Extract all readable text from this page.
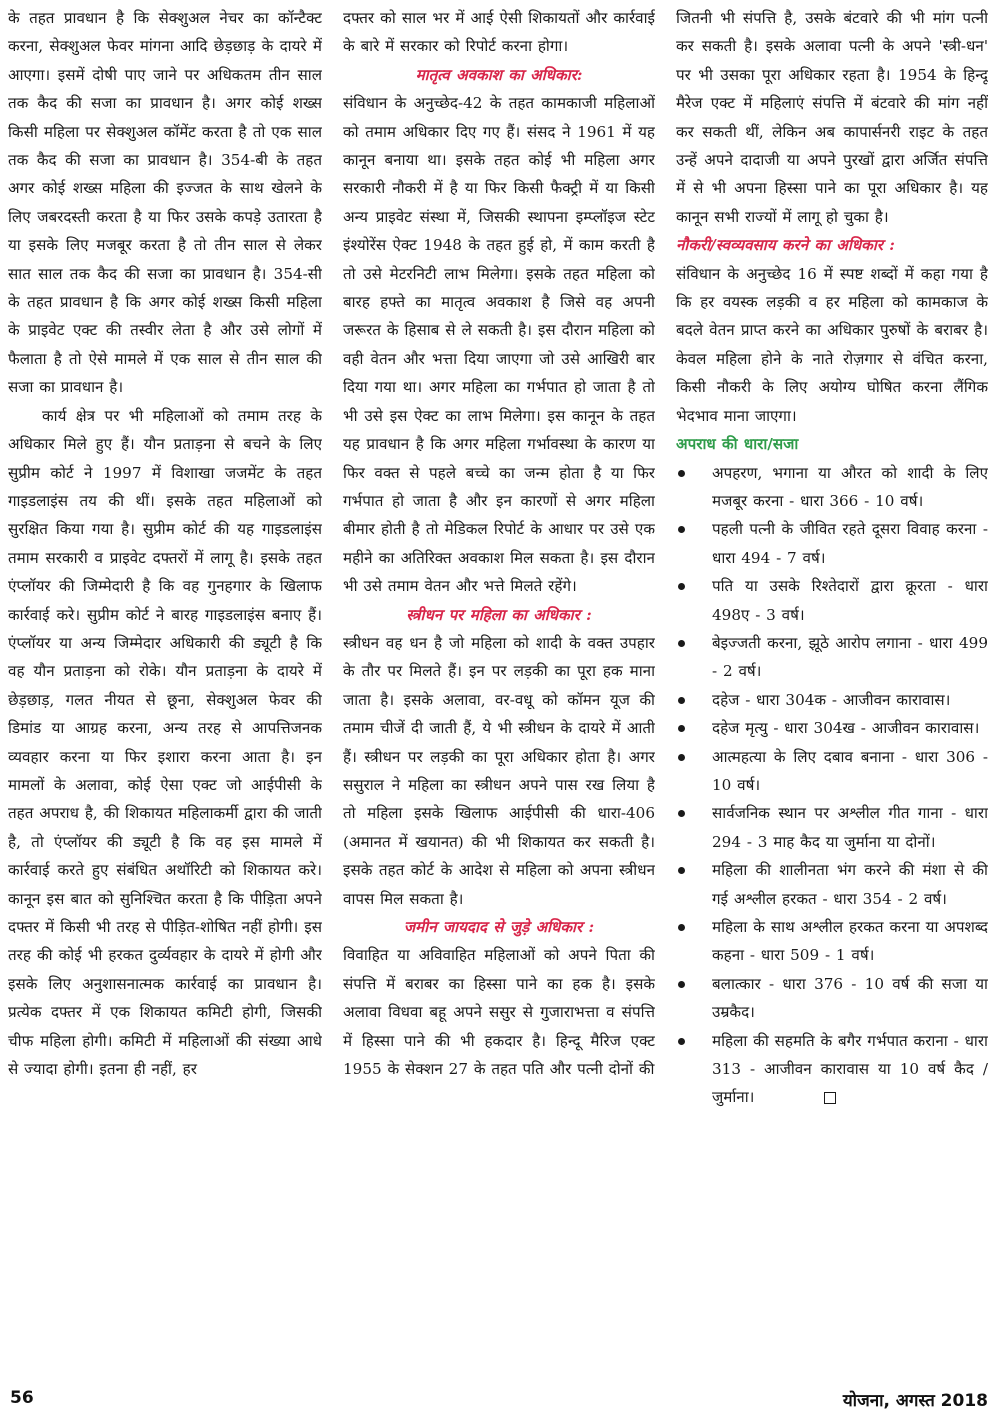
के तहत प्रावधान है कि सेक्शुअल नेचर का कॉन्टैक्ट करना, सेक्शुअल फेवर मांगना आदि छेड़छाड़ के दायरे में आएगा। इसमें दोषी पाए जाने पर अधिकतम तीन साल तक कैद की सजा का प्रावधान है। अगर कोई शख्स किसी महिला पर सेक्शुअल कॉमेंट करता है तो एक साल तक कैद की सजा का प्रावधान है। 354-बी के तहत अगर कोई शख्स महिला की इज्जत के साथ खेलने के लिए जबरदस्ती करता है या फिर उसके कपड़े उतारता है या इसके लिए मजबूर करता है तो तीन साल से लेकर सात साल तक कैद की सजा का प्रावधान है। 354-सी के तहत प्रावधान है कि अगर कोई शख्स किसी महिला के प्राइवेट एक्ट की तस्वीर लेता है और उसे लोगों में फैलाता है तो ऐसे मामले में एक साल से तीन साल की सजा का प्रावधान है।

कार्य क्षेत्र पर भी महिलाओं को तमाम तरह के अधिकार मिले हुए हैं। यौन प्रताड़ना से बचने के लिए सुप्रीम कोर्ट ने 1997 में विशाखा जजमेंट के तहत गाइडलाइंस तय की थीं। इसके तहत महिलाओं को सुरक्षित किया गया है। सुप्रीम कोर्ट की यह गाइडलाइंस तमाम सरकारी व प्राइवेट दफ्तरों में लागू है। इसके तहत एंप्लॉयर की जिम्मेदारी है कि वह गुनहगार के खिलाफ कार्रवाई करे। सुप्रीम कोर्ट ने बारह गाइडलाइंस बनाए हैं। एंप्लॉयर या अन्य जिम्मेदार अधिकारी की ड्यूटी है कि वह यौन प्रताड़ना को रोके। यौन प्रताड़ना के दायरे में छेड़छाड़, गलत नीयत से छूना, सेक्शुअल फेवर की डिमांड या आग्रह करना, अन्य तरह से आपत्तिजनक व्यवहार करना या फिर इशारा करना आता है। इन मामलों के अलावा, कोई ऐसा एक्ट जो आईपीसी के तहत अपराध है, की शिकायत महिलाकर्मी द्वारा की जाती है, तो एंप्लॉयर की ड्यूटी है कि वह इस मामले में कार्रवाई करते हुए संबंधित अथॉरिटी को शिकायत करे। कानून इस बात को सुनिश्चित करता है कि पीड़िता अपने दफ्तर में किसी भी तरह से पीड़ित-शोषित नहीं होगी। इस तरह की कोई भी हरकत दुर्व्यवहार के दायरे में होगी और इसके लिए अनुशासनात्मक कार्रवाई का प्रावधान है। प्रत्येक दफ्तर में एक शिकायत कमिटी होगी, जिसकी चीफ महिला होगी। कमिटी में महिलाओं की संख्या आधे से ज्यादा होगी। इतना ही नहीं, हर

दफ्तर को साल भर में आई ऐसी शिकायतों और कार्रवाई के बारे में सरकार को रिपोर्ट करना होगा।

मातृत्व अवकाश का अधिकार:

संविधान के अनुच्छेद-42 के तहत कामकाजी महिलाओं को तमाम अधिकार दिए गए हैं। संसद ने 1961 में यह कानून बनाया था। इसके तहत कोई भी महिला अगर सरकारी नौकरी में है या फिर किसी फैक्ट्री में या किसी अन्य प्राइवेट संस्था में, जिसकी स्थापना इम्प्लॉइज स्टेट इंश्योरेंस ऐक्ट 1948 के तहत हुई हो, में काम करती है तो उसे मेटरनिटी लाभ मिलेगा। इसके तहत महिला को बारह हफ्ते का मातृत्व अवकाश है जिसे वह अपनी जरूरत के हिसाब से ले सकती है। इस दौरान महिला को वही वेतन और भत्ता दिया जाएगा जो उसे आखिरी बार दिया गया था। अगर महिला का गर्भपात हो जाता है तो भी उसे इस ऐक्ट का लाभ मिलेगा। इस कानून के तहत यह प्रावधान है कि अगर महिला गर्भावस्था के कारण या फिर वक्त से पहले बच्चे का जन्म होता है या फिर गर्भपात हो जाता है और इन कारणों से अगर महिला बीमार होती है तो मेडिकल रिपोर्ट के आधार पर उसे एक महीने का अतिरिक्त अवकाश मिल सकता है। इस दौरान भी उसे तमाम वेतन और भत्ते मिलते रहेंगे।

स्त्रीधन पर महिला का अधिकार :

स्त्रीधन वह धन है जो महिला को शादी के वक्त उपहार के तौर पर मिलते हैं। इन पर लड़की का पूरा हक माना जाता है। इसके अलावा, वर-वधू को कॉमन यूज की तमाम चीजें दी जाती हैं, ये भी स्त्रीधन के दायरे में आती हैं। स्त्रीधन पर लड़की का पूरा अधिकार होता है। अगर ससुराल ने महिला का स्त्रीधन अपने पास रख लिया है तो महिला इसके खिलाफ आईपीसी की धारा-406 (अमानत में खयानत) की भी शिकायत कर सकती है। इसके तहत कोर्ट के आदेश से महिला को अपना स्त्रीधन वापस मिल सकता है।

जमीन जायदाद से जुड़े अधिकार :

विवाहित या अविवाहित महिलाओं को अपने पिता की संपत्ति में बराबर का हिस्सा पाने का हक है। इसके अलावा विधवा बहू अपने ससुर से गुजाराभत्ता व संपत्ति में हिस्सा पाने की भी हकदार है। हिन्दू मैरिज एक्ट 1955 के सेक्शन 27 के तहत पति और पत्नी दोनों की

जितनी भी संपत्ति है, उसके बंटवारे की भी मांग पत्नी कर सकती है। इसके अलावा पत्नी के अपने 'स्त्री-धन' पर भी उसका पूरा अधिकार रहता है। 1954 के हिन्दू मैरेज एक्ट में महिलाएं संपत्ति में बंटवारे की मांग नहीं कर सकती थीं, लेकिन अब कापार्सनरी राइट के तहत उन्हें अपने दादाजी या अपने पुरखों द्वारा अर्जित संपत्ति में से भी अपना हिस्सा पाने का पूरा अधिकार है। यह कानून सभी राज्यों में लागू हो चुका है।

नौकरी/स्वव्यवसाय करने का अधिकार :

संविधान के अनुच्छेद 16 में स्पष्ट शब्दों में कहा गया है कि हर वयस्क लड़की व हर महिला को कामकाज के बदले वेतन प्राप्त करने का अधिकार पुरुषों के बराबर है। केवल महिला होने के नाते रोज़गार से वंचित करना, किसी नौकरी के लिए अयोग्य घोषित करना लैंगिक भेदभाव माना जाएगा।

अपराध की धारा/सजा

अपहरण, भगाना या औरत को शादी के लिए मजबूर करना - धारा 366 - 10 वर्ष।
पहली पत्नी के जीवित रहते दूसरा विवाह करना - धारा 494 - 7 वर्ष।
पति या उसके रिश्तेदारों द्वारा क्रूरता - धारा 498ए - 3 वर्ष।
बेइज्जती करना, झूठे आरोप लगाना - धारा 499 - 2 वर्ष।
दहेज - धारा 304क - आजीवन कारावास।
दहेज मृत्यु - धारा 304ख - आजीवन कारावास।
आत्महत्या के लिए दबाव बनाना - धारा 306 - 10 वर्ष।
सार्वजनिक स्थान पर अश्लील गीत गाना - धारा 294 - 3 माह कैद या जुर्माना या दोनों।
महिला की शालीनता भंग करने की मंशा से की गई अश्लील हरकत - धारा 354 - 2 वर्ष।
महिला के साथ अश्लील हरकत करना या अपशब्द कहना - धारा 509 - 1 वर्ष।
बलात्कार - धारा 376 - 10 वर्ष की सजा या उम्रकैद।
महिला की सहमति के बगैर गर्भपात कराना - धारा 313 - आजीवन कारावास या 10 वर्ष कैद / जुर्माना।
56	योजना, अगस्त 2018
